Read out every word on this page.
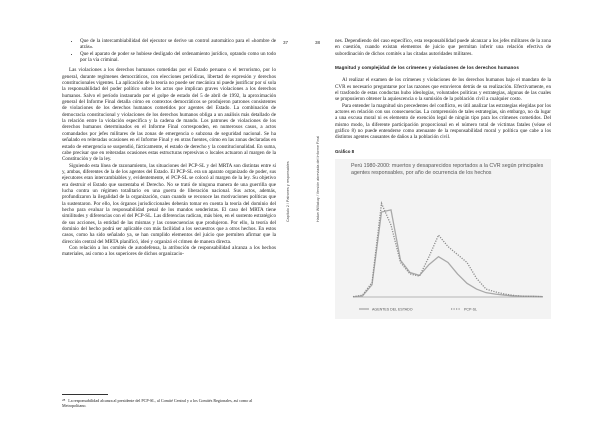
• Que de la intercambiabilidad del ejecutor se derive un control automático para el «hombre de atrás».
• Que el aparato de poder se hubiese desligado del ordenamiento jurídico, optando como un todo por la vía criminal.

Las violaciones a los derechos humanos cometidas por el Estado peruano o el terrorismo, por lo general, durante regímenes democráticos, con elecciones periódicas, libertad de expresión y derechos constitucionales vigentes. La aplicación de la teoría no puede ser mecánica ni puede justificar por sí sola la responsabilidad del poder político sobre los actos que implican graves violaciones a los derechos humanos. Salvo el período instaurado por el golpe de estado del 5 de abril de 1992, la aproximación general del Informe Final detalla cómo en contextos democráticos se produjeron patrones consistentes de violaciones de los derechos humanos cometidos por agentes del Estado. La combinación de democracia constitucional y violaciones de los derechos humanos obliga a un análisis más detallado de la relación entre la violación específica y la cadena de mando. Los patrones de violaciones de los derechos humanos determinados en el Informe Final corresponden, en numerosos casos, a actos comandados por jefes militares de las zonas de emergencia o subzona de seguridad nacional. Se ha señalado en reiteradas ocasiones en el Informe Final y en otras fuentes, cómo en las zonas declaradas en estado de emergencia se suspendió, fácticamente, el estado de derecho y la constitucionalidad. En suma, cabe precisar que en reiteradas ocasiones estas estructuras represivas o locales actuaron al margen de la Constitución y de la ley.

Siguiendo esta línea de razonamiento, las situaciones del PCP-SL y del MRTA son distintas entre sí y, ambas, diferentes de la de los agentes del Estado. El PCP-SL era un aparato organizado de poder, sus ejecutores eran intercambiables y, evidentemente, el PCP-SL se colocó al margen de la ley. Su objetivo era destruir el Estado que sustentaba el Derecho. No se trató de ninguna manera de una guerrilla que lucha contra un régimen totalitario en una guerra de liberación nacional. Sus actos, además, profundizaron la ilegalidad de la organización, cuan cuando se reconoce las motivaciones políticas que la sustentaron. Por ello, los órganos jurisdiccionales deberán tomar en cuenta la teoría del dominio del hecho para evaluar la responsabilidad penal de los mandos senderistas. El caso del MRTA tiene similitudes y diferencias con el del PCP-SL. Las diferencias radican, más bien, en el sustento estratégico de sus acciones, la entidad de las mismas y las consecuencias que produjeron. Por ello, la teoría del dominio del hecho podrá ser aplicable con más facilidad a los secuestros que a otros hechos. En estos casos, como ha sido señalado ya, se han cumplido elementos del juicio que permiten afirmar que la dirección central del MRTA planificó, ideó y organizó el crimen de manera directa.

Con relación a los comités de autodefensa, la atribución de responsabilidad alcanza a los hechos materiales, así como a los superiores de dichos organizacio-

$^{28}$ La responsabilidad alcanza al presidente del PCP-SL, al Comité Central y a los Comités Regionales, así como al Metropolitano.
37
Capítulo 2 / Patrones y responsables
38
Hatun Willakuy / Versión abreviada del Informe Final

nes. Dependiendo del caso específico, esta responsabilidad puede alcanzar a los jefes militares de la zona en cuestión, cuando existan elementos de juicio que permitan inferir una relación efectiva de subordinación de dichos comités a las citadas autoridades militares.

Magnitud y complejidad de los crímenes y violaciones de los derechos humanos

Al realizar el examen de los crímenes y violaciones de los derechos humanos bajo el mandato de la CVR es necesario preguntarse por las razones que estuvieron detrás de su realización. Efectivamente, en el trasfondo de estas conductas hubo ideologías, voluntades políticas y estrategias, algunas de las cuales se propusieron obtener la aquiescencia o la sumisión de la población civil a cualquier costo.

Para entender la magnitud sin precedentes del conflicto, es útil analizar las estrategias elegidas por los actores en relación con sus consecuencias. La comprensión de tales estrategias, sin embargo, no da lugar a una excusa moral ni es elemento de exención legal de ningún tipo para los crímenes cometidos. Del mismo modo, la diferente participación proporcional en el número total de víctimas fatales (véase el gráfico 8) no puede entenderse como atenuante de la responsabilidad moral y política que cabe a los distintos agentes causantes de daños a la población civil.

Gráfico 8
Perú 1980-2000: muertos y desaparecidos reportados a la CVR según principales agentes responsables, por año de ocurrencia de los hechos
AGENTES DEL ESTADO	PCP-SL
